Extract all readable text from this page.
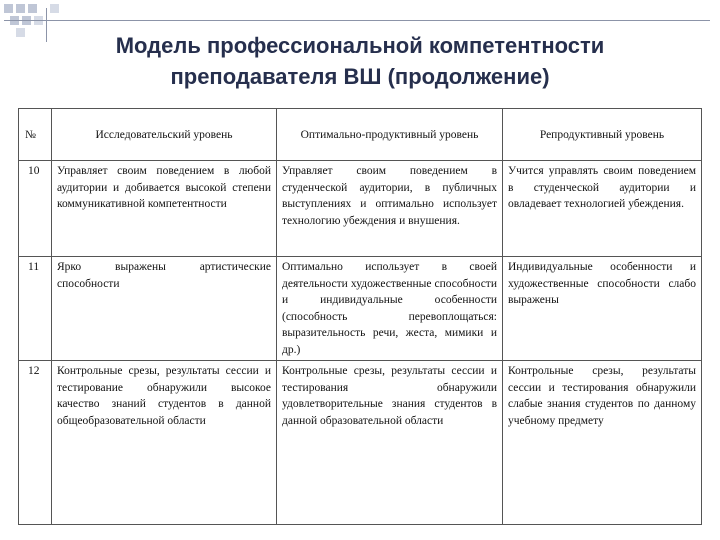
Модель профессиональной компетентности
преподавателя ВШ (продолжение)
№	Исследовательский уровень	Оптимально-продуктивный уровень	Репродуктивный уровень
10	Управляет своим поведением в любой аудитории и добивается высокой степени коммуникативной компетентности	Управляет своим поведением в студенческой аудитории, в публичных выступлениях и оптимально использует технологию убеждения и внушения.	Учится управлять своим поведением в студенческой аудитории и овладевает технологией убеждения.
11	Ярко выражены артистические способности	Оптимально использует в своей деятельности художественные способности и индивидуальные особенности (способность перевоплощаться: выразительность речи, жеста, мимики и др.)	Индивидуальные особенности и художественные способности слабо выражены
12	Контрольные срезы, результаты сессии и тестирование обнаружили высокое качество знаний студентов в данной общеобразовательной области	Контрольные срезы, результаты сессии и тестирования обнаружили удовлетворительные знания студентов в данной образовательной области	Контрольные срезы, результаты сессии и тестирования обнаружили слабые знания студентов по данному учебному предмету
